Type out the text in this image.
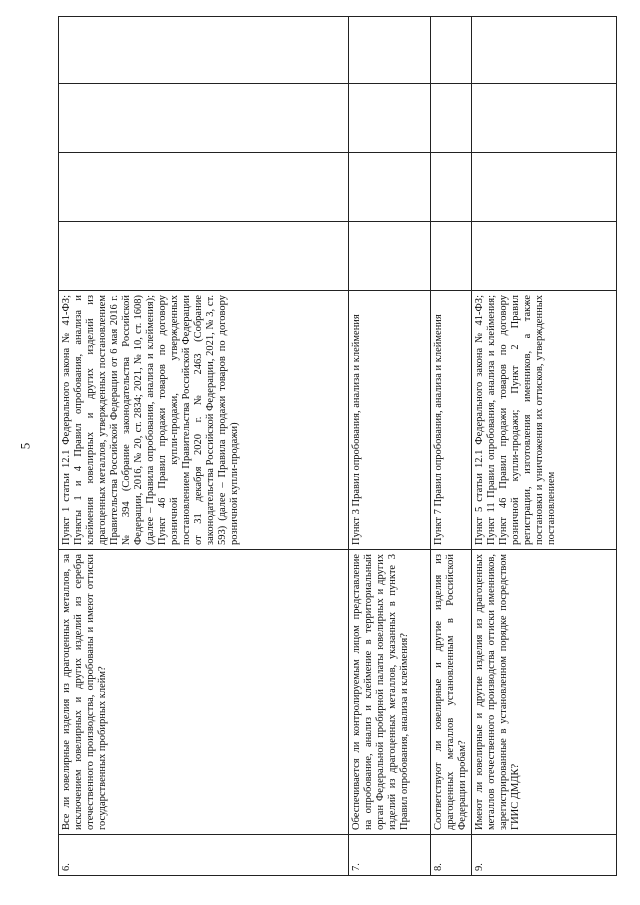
5
6.	Все ли ювелирные изделия из драгоценных металлов, за исключением ювелирных и других изделий из серебра отечественного производства, опробованы и имеют оттиски государственных пробирных клейм?	Пункт 1 статьи 12.1 Федерального закона № 41-ФЗ; Пункты 1 и 4 Правил опробования, анализа и клеймения ювелирных и других изделий из драгоценных металлов, утвержденных постановлением Правительства Российской Федерации от 6 мая 2016 г. № 394 (Собрание законодательства Российской Федерации, 2016, № 20, ст. 2834; 2021, № 10, ст. 1608) (далее – Правила опробования, анализа и клеймения); Пункт 46 Правил продажи товаров по договору розничной купли-продажи, утвержденных постановлением Правительства Российской Федерации от 31 декабря 2020 г. № 2463 (Собрание законодательства Российской Федерации, 2021, № 3, ст. 593) (далее – Правила продажи товаров по договору розничной купли-продажи)				
7.	Обеспечивается ли контролируемым лицом представление на опробование, анализ и клеймение в территориальный орган Федеральной пробирной палаты ювелирных и других изделий из драгоценных металлов, указанных в пункте 3 Правил опробования, анализа и клеймения?	Пункт 3 Правил опробования, анализа и клеймения				
8.	Соответствуют ли ювелирные и другие изделия из драгоценных металлов установленным в Российской Федерации пробам?	Пункт 7 Правил опробования, анализа и клеймения				
9.	Имеют ли ювелирные и другие изделия из драгоценных металлов отечественного производства оттиски именников, зарегистрированные в установленном порядке посредством ГИИС ДМДК?	Пункт 5 статьи 12.1 Федерального закона № 41-ФЗ; Пункт 11 Правил опробования, анализа и клеймения; Пункт 46 Правил продажи товаров по договору розничной купли-продажи; Пункт 2 Правил регистрации, изготовления именников, а также постановки и уничтожения их оттисков, утвержденных постановлением				
